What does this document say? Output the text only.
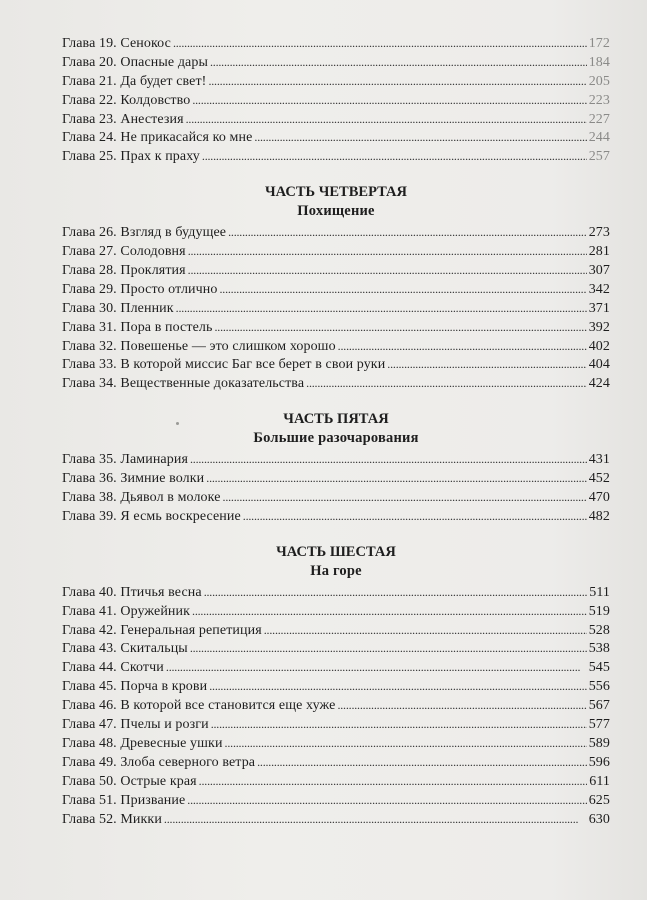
Глава 19. Сенокос . . .	172
Глава 20. Опасные дары . . .	184
Глава 21. Да будет свет! . . .	205
Глава 22. Колдовство . . .	223
Глава 23. Анестезия . . .	227
Глава 24. Не прикасайся ко мне . . .	244
Глава 25. Прах к праху . . .	257
ЧАСТЬ ЧЕТВЕРТАЯ
Похищение
Глава 26. Взгляд в будущее . . .	273
Глава 27. Солодовня . . .	281
Глава 28. Проклятия . . .	307
Глава 29. Просто отлично . . .	342
Глава 30. Пленник . . .	371
Глава 31. Пора в постель . . .	392
Глава 32. Повешенье — это слишком хорошо . . .	402
Глава 33. В которой миссис Баг все берет в свои руки . . .	404
Глава 34. Вещественные доказательства . . .	424
ЧАСТЬ ПЯТАЯ
Большие разочарования
Глава 35. Ламинария . . .	431
Глава 36. Зимние волки . . .	452
Глава 38. Дьявол в молоке . . .	470
Глава 39. Я есмь воскресение . . .	482
ЧАСТЬ ШЕСТАЯ
На горе
Глава 40. Птичья весна . . .	511
Глава 41. Оружейник . . .	519
Глава 42. Генеральная репетиция . . .	528
Глава 43. Скитальцы . . .	538
Глава 44. Скотчи . . .	545
Глава 45. Порча в крови . . .	556
Глава 46. В которой все становится еще хуже . . .	567
Глава 47. Пчелы и розги . . .	577
Глава 48. Древесные ушки . . .	589
Глава 49. Злоба северного ветра . . .	596
Глава 50. Острые края . . .	611
Глава 51. Призвание . . .	625
Глава 52. Микки . . .	630
